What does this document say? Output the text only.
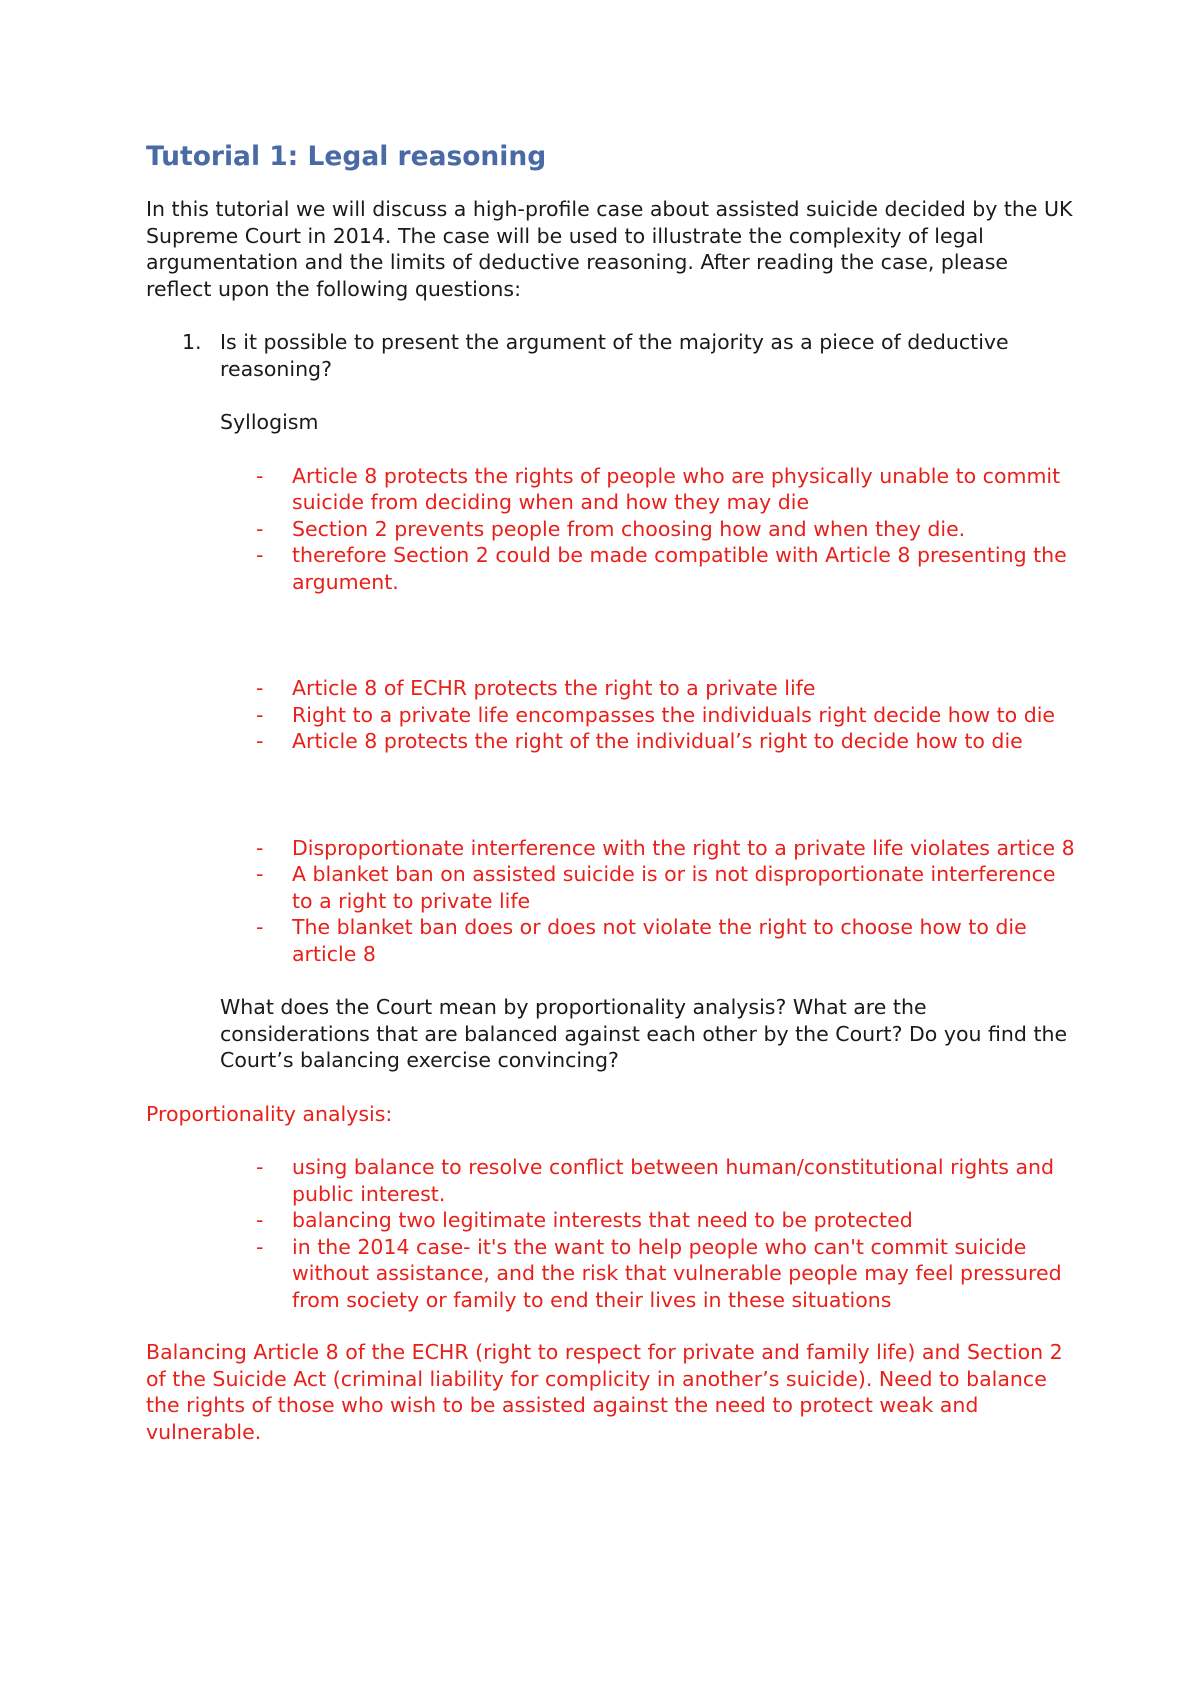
Tutorial 1: Legal reasoning

In this tutorial we will discuss a high-profile case about assisted suicide decided by the UK Supreme Court in 2014. The case will be used to illustrate the complexity of legal argumentation and the limits of deductive reasoning. After reading the case, please reflect upon the following questions:

1. Is it possible to present the argument of the majority as a piece of deductive reasoning?

Syllogism

- Article 8 protects the rights of people who are physically unable to commit suicide from deciding when and how they may die
- Section 2 prevents people from choosing how and when they die.
- therefore Section 2 could be made compatible with Article 8 presenting the argument.
- Article 8 of ECHR protects the right to a private life
- Right to a private life encompasses the individuals right decide how to die
- Article 8 protects the right of the individual’s right to decide how to die
- Disproportionate interference with the right to a private life violates artice 8
- A blanket ban on assisted suicide is or is not disproportionate interference to a right to private life
- The blanket ban does or does not violate the right to choose how to die article 8

What does the Court mean by proportionality analysis? What are the considerations that are balanced against each other by the Court? Do you find the Court’s balancing exercise convincing?

Proportionality analysis:

- using balance to resolve conflict between human/constitutional rights and public interest.
- balancing two legitimate interests that need to be protected
- in the 2014 case- it's the want to help people who can't commit suicide without assistance, and the risk that vulnerable people may feel pressured from society or family to end their lives in these situations

Balancing Article 8 of the ECHR (right to respect for private and family life) and Section 2 of the Suicide Act (criminal liability for complicity in another’s suicide). Need to balance the rights of those who wish to be assisted against the need to protect weak and vulnerable.
